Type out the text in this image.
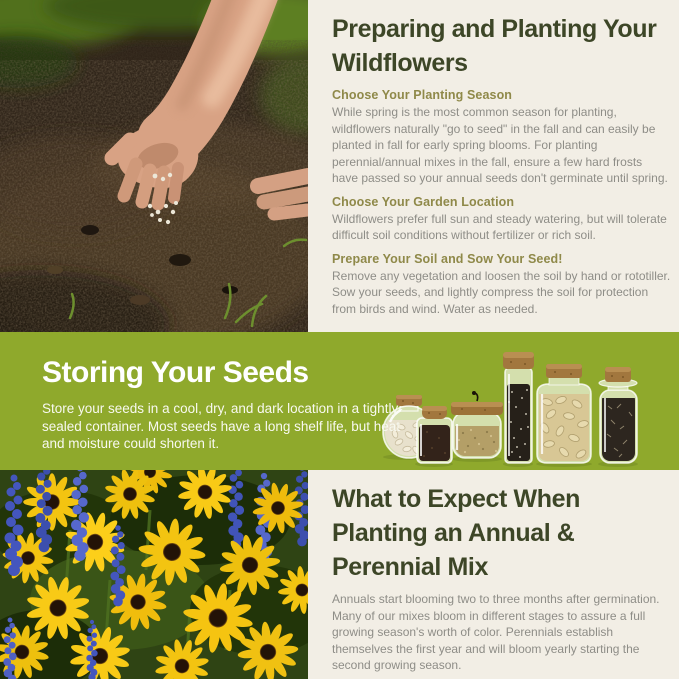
Preparing and Planting Your Wildflowers

Choose Your Planting Season

While spring is the most common season for planting, wildflowers naturally "go to seed" in the fall and can easily be planted in fall for early spring blooms. For planting perennial/annual mixes in the fall, ensure a few hard frosts have passed so your annual seeds don't germinate until spring.

Choose Your Garden Location

Wildflowers prefer full sun and steady watering, but will tolerate difficult soil conditions without fertilizer or rich soil.

Prepare Your Soil and Sow Your Seed!

Remove any vegetation and loosen the soil by hand or rototiller. Sow your seeds, and lightly compress the soil for protection from birds and wind. Water as needed.

Storing Your Seeds

Store your seeds in a cool, dry, and dark location in a tightly-sealed container. Most seeds have a long shelf life, but heat and moisture could shorten it.

What to Expect When Planting an Annual & Perennial Mix

Annuals start blooming two to three months after germination. Many of our mixes bloom in different stages to assure a full growing season's worth of color. Perennials establish themselves the first year and will bloom yearly starting the second growing season.
